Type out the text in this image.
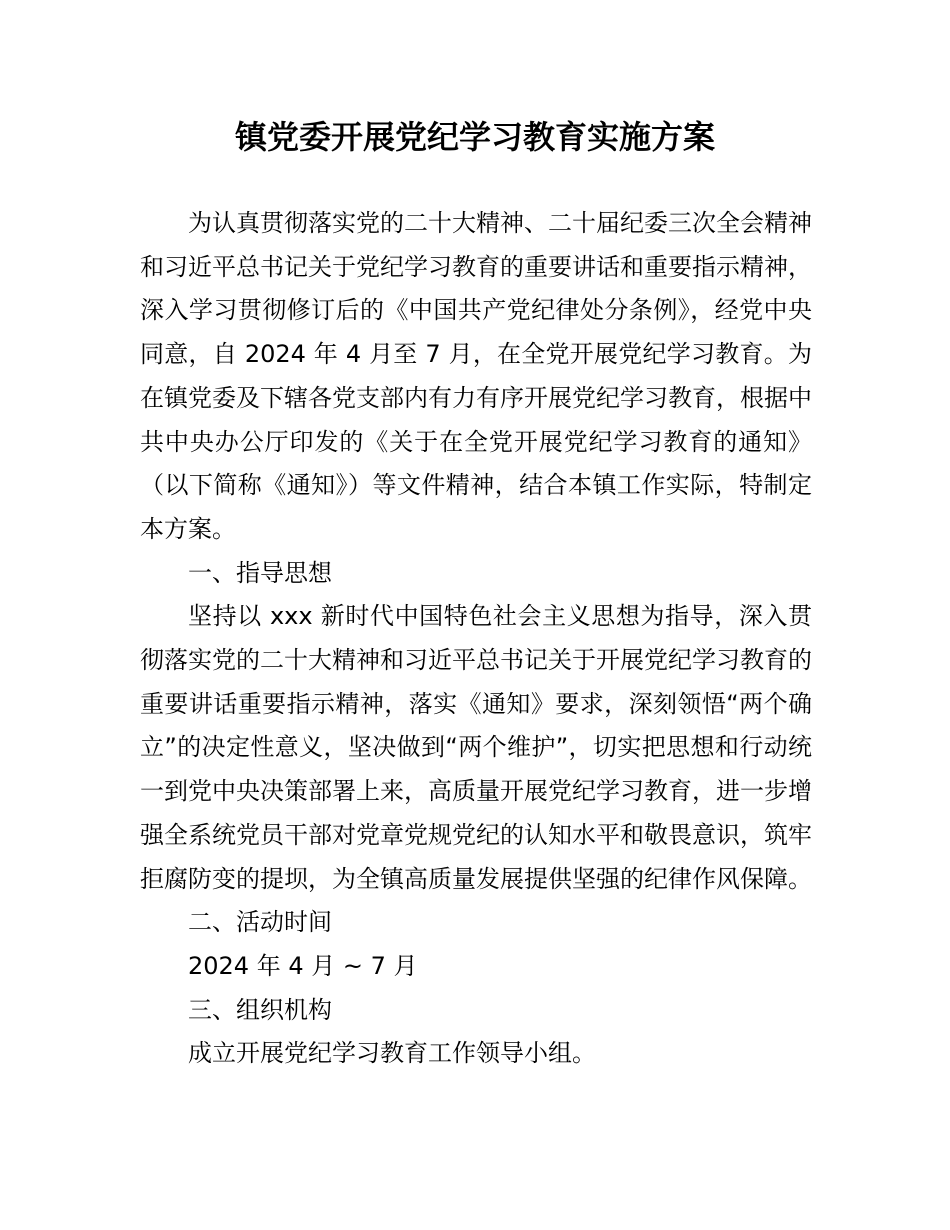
镇党委开展党纪学习教育实施方案

为认真贯彻落实党的二十大精神、二十届纪委三次全会精神和习近平总书记关于党纪学习教育的重要讲话和重要指示精神，深入学习贯彻修订后的《中国共产党纪律处分条例》，经党中央同意，自 2024 年 4 月至 7 月，在全党开展党纪学习教育。为在镇党委及下辖各党支部内有力有序开展党纪学习教育，根据中共中央办公厅印发的《关于在全党开展党纪学习教育的通知》（以下简称《通知》）等文件精神，结合本镇工作实际，特制定本方案。

一、指导思想

坚持以 xxx 新时代中国特色社会主义思想为指导，深入贯彻落实党的二十大精神和习近平总书记关于开展党纪学习教育的重要讲话重要指示精神，落实《通知》要求，深刻领悟“两个确立”的决定性意义，坚决做到“两个维护”，切实把思想和行动统一到党中央决策部署上来，高质量开展党纪学习教育，进一步增强全系统党员干部对党章党规党纪的认知水平和敬畏意识，筑牢拒腐防变的提坝，为全镇高质量发展提供坚强的纪律作风保障。

二、活动时间

2024 年 4 月 ~ 7 月

三、组织机构

成立开展党纪学习教育工作领导小组。
